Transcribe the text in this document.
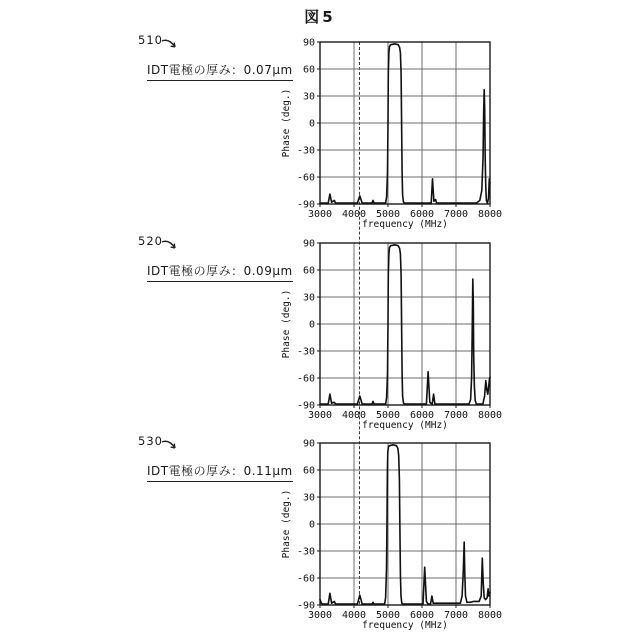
図5
510
IDT電極の厚み：0.07μm
3000 4000 5000 6000 7000 8000
90
60
30
0
-30
-60
-90
frequency (MHz)
Phase (deg.)
520
IDT電極の厚み：0.09μm
3000 4000 5000 6000 7000 8000
90
60
30
0
-30
-60
-90
frequency (MHz)
Phase (deg.)
530
IDT電極の厚み：0.11μm
3000 4000 5000 6000 7000 8000
90
60
30
0
-30
-60
-90
frequency (MHz)
Phase (deg.)
